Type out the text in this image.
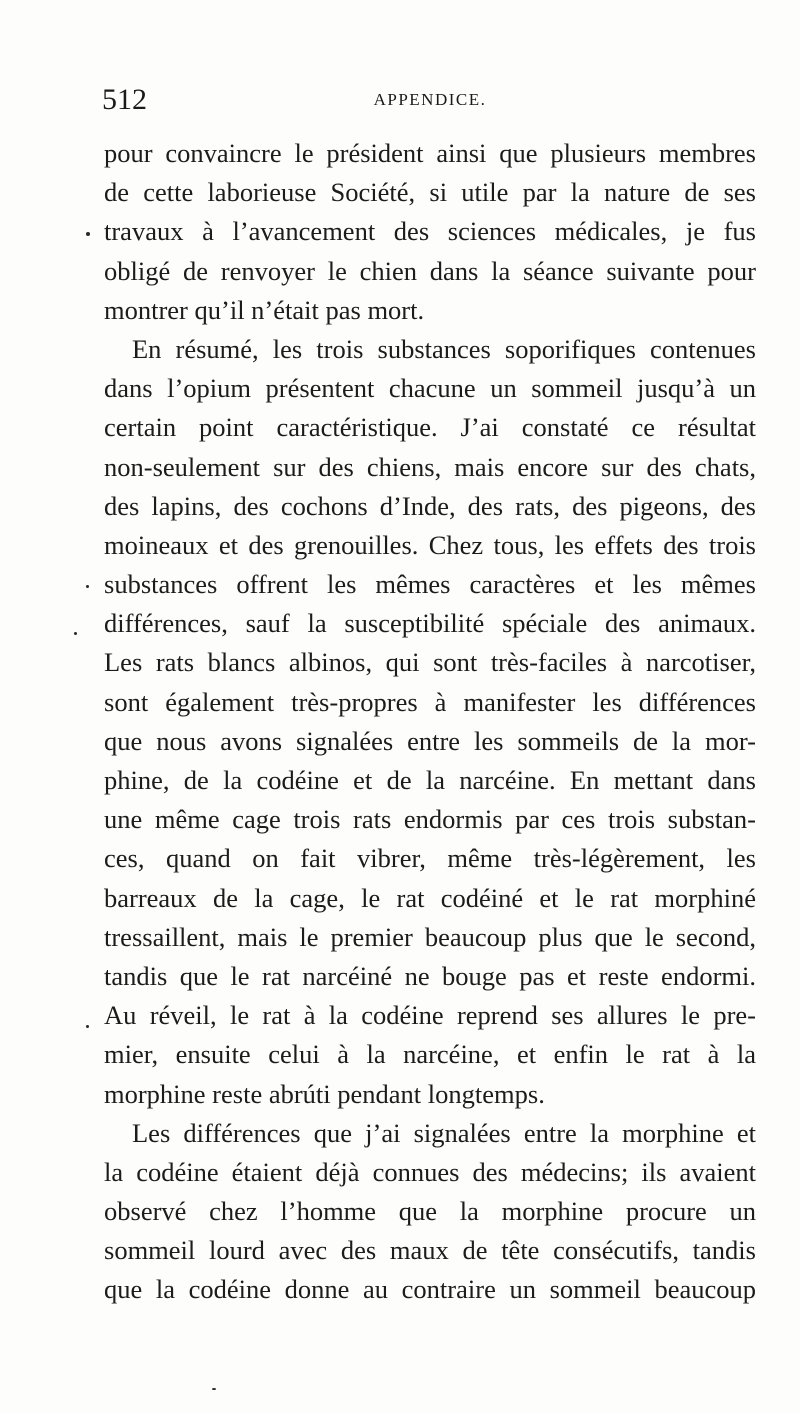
512	APPENDICE.

pour convaincre le président ainsi que plusieurs membres
de cette laborieuse Société, si utile par la nature de ses
travaux à l’avancement des sciences médicales, je fus
obligé de renvoyer le chien dans la séance suivante pour
montrer qu’il n’était pas mort.

En résumé, les trois substances soporifiques contenues
dans l’opium présentent chacune un sommeil jusqu’à un
certain point caractéristique. J’ai constaté ce résultat
non-seulement sur des chiens, mais encore sur des chats,
des lapins, des cochons d’Inde, des rats, des pigeons, des
moineaux et des grenouilles. Chez tous, les effets des trois
substances offrent les mêmes caractères et les mêmes
différences, sauf la susceptibilité spéciale des animaux.
Les rats blancs albinos, qui sont très-faciles à narcotiser,
sont également très-propres à manifester les différences
que nous avons signalées entre les sommeils de la mor-
phine, de la codéine et de la narcéine. En mettant dans
une même cage trois rats endormis par ces trois substan-
ces, quand on fait vibrer, même très-légèrement, les
barreaux de la cage, le rat codéiné et le rat morphiné
tressaillent, mais le premier beaucoup plus que le second,
tandis que le rat narcéiné ne bouge pas et reste endormi.
Au réveil, le rat à la codéine reprend ses allures le pre-
mier, ensuite celui à la narcéine, et enfin le rat à la
morphine reste abrúti pendant longtemps.

Les différences que j’ai signalées entre la morphine et
la codéine étaient déjà connues des médecins; ils avaient
observé chez l’homme que la morphine procure un
sommeil lourd avec des maux de tête consécutifs, tandis
que la codéine donne au contraire un sommeil beaucoup
